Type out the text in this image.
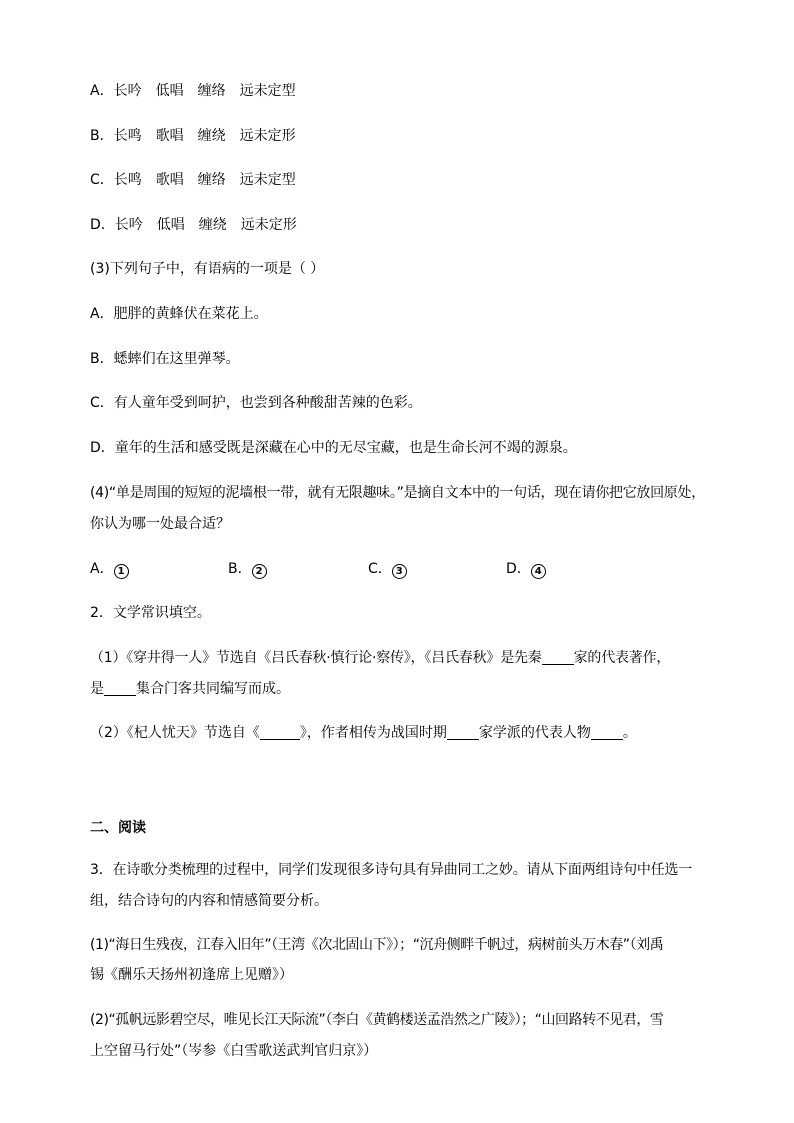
A．长吟 低唱 缠络 远未定型
B．长鸣 歌唱 缠绕 远未定形
C．长鸣 歌唱 缠络 远未定型
D．长吟 低唱 缠绕 远未定形
(3)下列句子中，有语病的一项是（ ）
A．肥胖的黄蜂伏在菜花上。
B．蟋蟀们在这里弹琴。
C．有人童年受到呵护，也尝到各种酸甜苦辣的色彩。
D．童年的生活和感受既是深藏在心中的无尽宝藏，也是生命长河不竭的源泉。
(4)“单是周围的短短的泥墙根一带，就有无限趣味。”是摘自文本中的一句话，现在请你把它放回原处，
你认为哪一处最合适？
A． 1	B． 2	C． 3	D． 4
2．文学常识填空。
（1）《穿井得一人》节选自《吕氏春秋·慎行论·察传》，《吕氏春秋》是先秦 家的代表著作，
是 集合门客共同编写而成。
（2）《杞人忧天》节选自《	》，作者相传为战国时期 家学派的代表人物 。
二、阅读
3．在诗歌分类梳理的过程中，同学们发现很多诗句具有异曲同工之妙。请从下面两组诗句中任选一
组，结合诗句的内容和情感简要分析。
(1)“海日生残夜，江春入旧年”（王湾《次北固山下》）；“沉舟侧畔千帆过，病树前头万木春”（刘禹
锡《酬乐天扬州初逢席上见赠》）
(2)“孤帆远影碧空尽，唯见长江天际流”（李白《黄鹤楼送孟浩然之广陵》）；“山回路转不见君，雪
上空留马行处”（岑参《白雪歌送武判官归京》）
